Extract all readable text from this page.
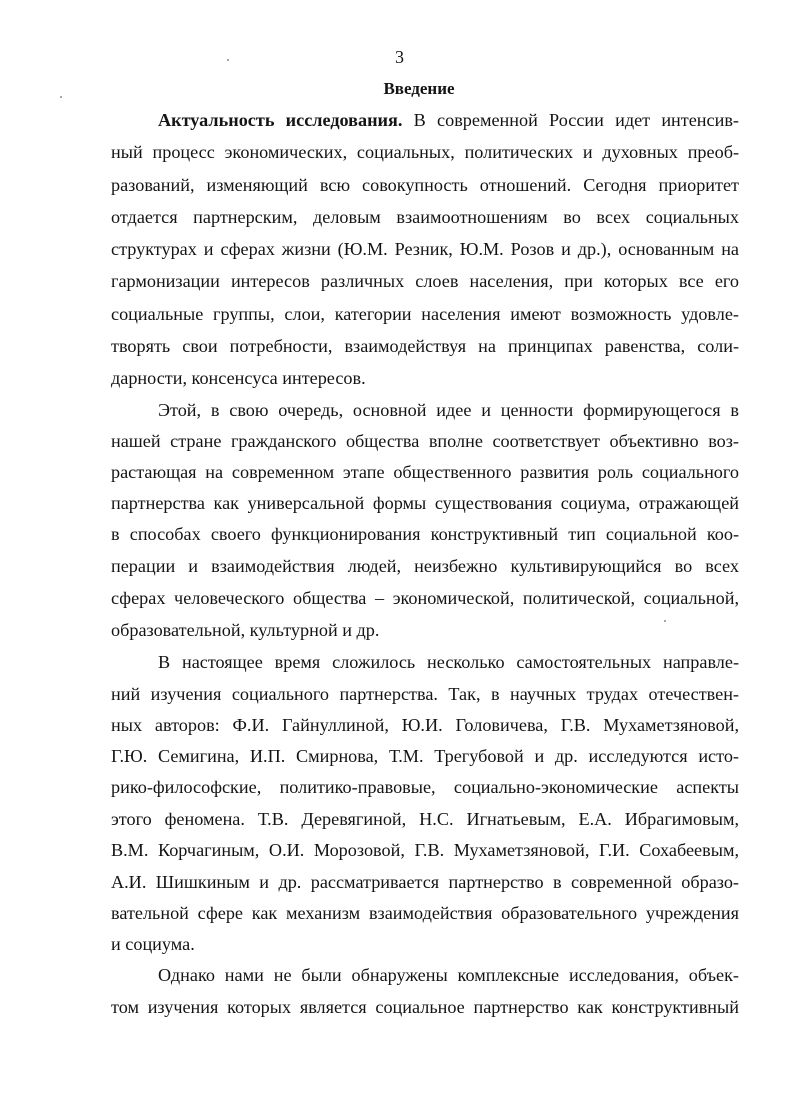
3
Введение
Актуальность исследования. В современной России идет интенсив-
ный процесс экономических, социальных, политических и духовных преоб-
разований, изменяющий всю совокупность отношений. Сегодня приоритет
отдается партнерским, деловым взаимоотношениям во всех социальных
структурах и сферах жизни (Ю.М. Резник, Ю.М. Розов и др.), основанным на
гармонизации интересов различных слоев населения, при которых все его
социальные группы, слои, категории населения имеют возможность удовле-
творять свои потребности, взаимодействуя на принципах равенства, соли-
дарности, консенсуса интересов.
Этой, в свою очередь, основной идее и ценности формирующегося в
нашей стране гражданского общества вполне соответствует объективно воз-
растающая на современном этапе общественного развития роль социального
партнерства как универсальной формы существования социума, отражающей
в способах своего функционирования конструктивный тип социальной коо-
перации и взаимодействия людей, неизбежно культивирующийся во всех
сферах человеческого общества – экономической, политической, социальной,
образовательной, культурной и др.
В настоящее время сложилось несколько самостоятельных направле-
ний изучения социального партнерства. Так, в научных трудах отечествен-
ных авторов: Ф.И. Гайнуллиной, Ю.И. Головичева, Г.В. Мухаметзяновой,
Г.Ю. Семигина, И.П. Смирнова, Т.М. Трегубовой и др. исследуются исто-
рико-философские, политико-правовые, социально-экономические аспекты
этого феномена. Т.В. Деревягиной, Н.С. Игнатьевым, Е.А. Ибрагимовым,
В.М. Корчагиным, О.И. Морозовой, Г.В. Мухаметзяновой, Г.И. Сохабеевым,
А.И. Шишкиным и др. рассматривается партнерство в современной образо-
вательной сфере как механизм взаимодействия образовательного учреждения
и социума.
Однако нами не были обнаружены комплексные исследования, объек-
том изучения которых является социальное партнерство как конструктивный
